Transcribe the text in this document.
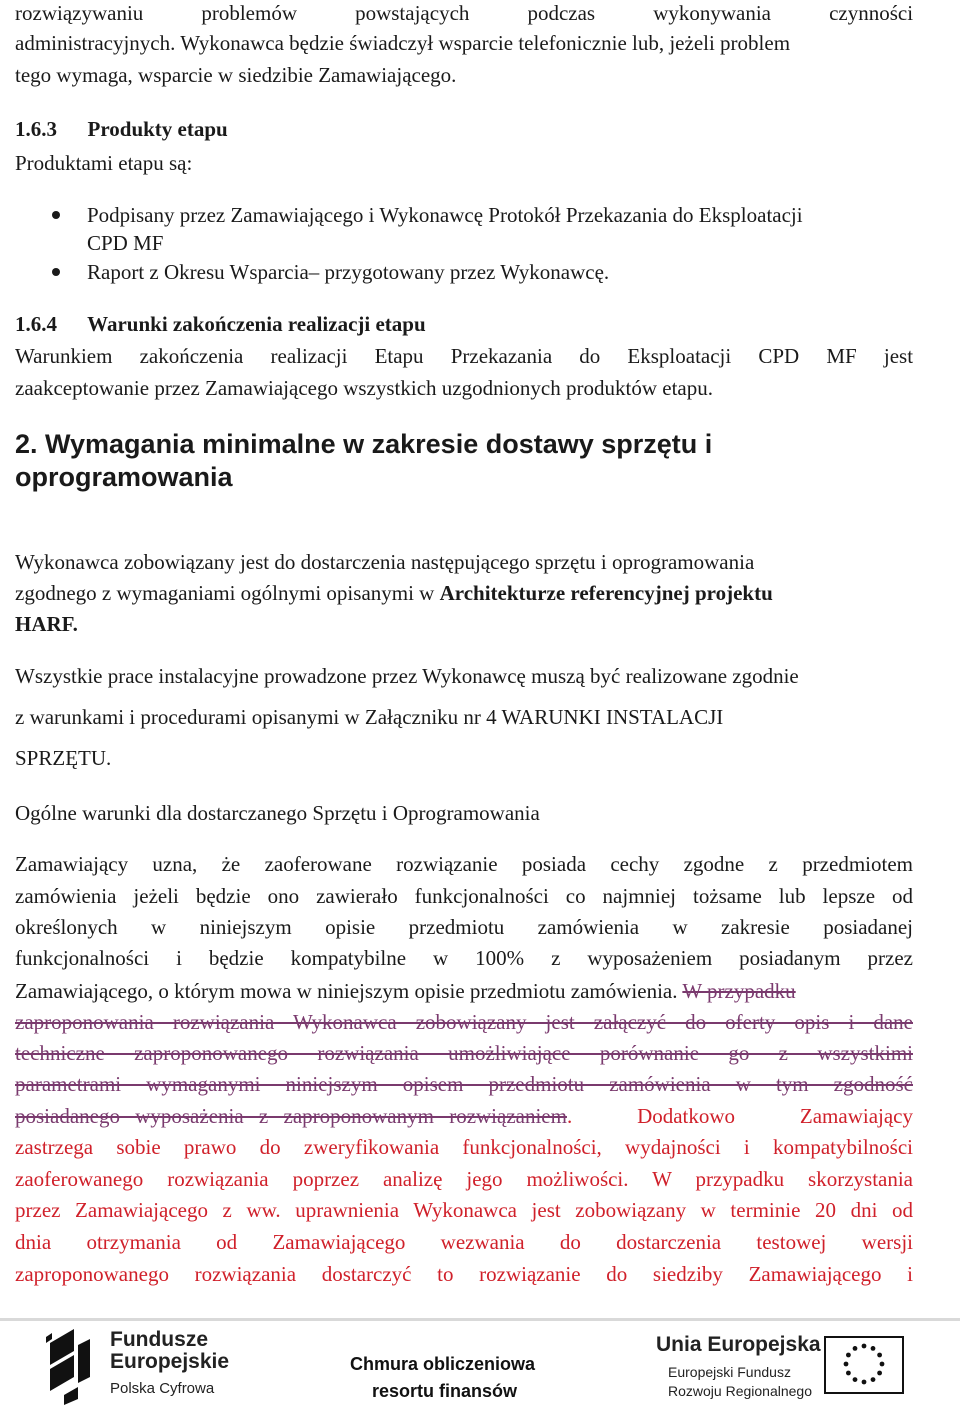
rozwiązywaniu	problemów	powstających	podczas	wykonywania	czynności
administracyjnych. Wykonawca będzie świadczył wsparcie telefonicznie lub, jeżeli problem
tego wymaga, wsparcie w siedzibie Zamawiającego.
1.6.3 Produkty etapu
Produktami etapu są:
Podpisany przez Zamawiającego i Wykonawcę Protokół Przekazania do Eksploatacji
CPD MF
Raport z Okresu Wsparcia– przygotowany przez Wykonawcę.
1.6.4 Warunki zakończenia realizacji etapu
Warunkiem zakończenia realizacji Etapu Przekazania do Eksploatacji CPD MF jest
zaakceptowanie przez Zamawiającego wszystkich uzgodnionych produktów etapu.
2. Wymagania minimalne w zakresie dostawy sprzętu i
oprogramowania
Wykonawca zobowiązany jest do dostarczenia następującego sprzętu i oprogramowania
zgodnego z wymaganiami ogólnymi opisanymi w Architekturze referencyjnej projektu
HARF.
Wszystkie prace instalacyjne prowadzone przez Wykonawcę muszą być realizowane zgodnie
z warunkami i procedurami opisanymi w Załączniku nr 4 WARUNKI INSTALACJI
SPRZĘTU.
Ogólne warunki dla dostarczanego Sprzętu i Oprogramowania
Zamawiający uzna, że zaoferowane rozwiązanie posiada cechy zgodne z przedmiotem
zamówienia jeżeli będzie ono zawierało funkcjonalności co najmniej tożsame lub lepsze od
określonych w niniejszym opisie przedmiotu zamówienia w zakresie posiadanej
funkcjonalności i będzie kompatybilne w 100% z wyposażeniem posiadanym przez
Zamawiającego, o którym mowa w niniejszym opisie przedmiotu zamówienia. W przypadku
zaproponowania rozwiązania Wykonawca zobowiązany jest załączyć do oferty opis i dane
techniczne zaproponowanego rozwiązania umożliwiające porównanie go z wszystkimi
parametrami wymaganymi niniejszym opisem przedmiotu zamówienia w tym zgodność
posiadanego wyposażenia z zaproponowanym rozwiązaniem . Dodatkowo Zamawiający
zastrzega sobie prawo do zweryfikowania funkcjonalności, wydajności i kompatybilności
zaoferowanego rozwiązania poprzez analizę jego możliwości. W przypadku skorzystania
przez Zamawiającego z ww. uprawnienia Wykonawca jest zobowiązany w terminie 20 dni od
dnia otrzymania od Zamawiającego wezwania do dostarczenia testowej wersji
zaproponowanego rozwiązania dostarczyć to rozwiązanie do siedziby Zamawiającego i
Fundusze
Europejskie
Polska Cyfrowa
Chmura obliczeniowa
resortu finansów
Unia Europejska
Europejski Fundusz
Rozwoju Regionalnego
